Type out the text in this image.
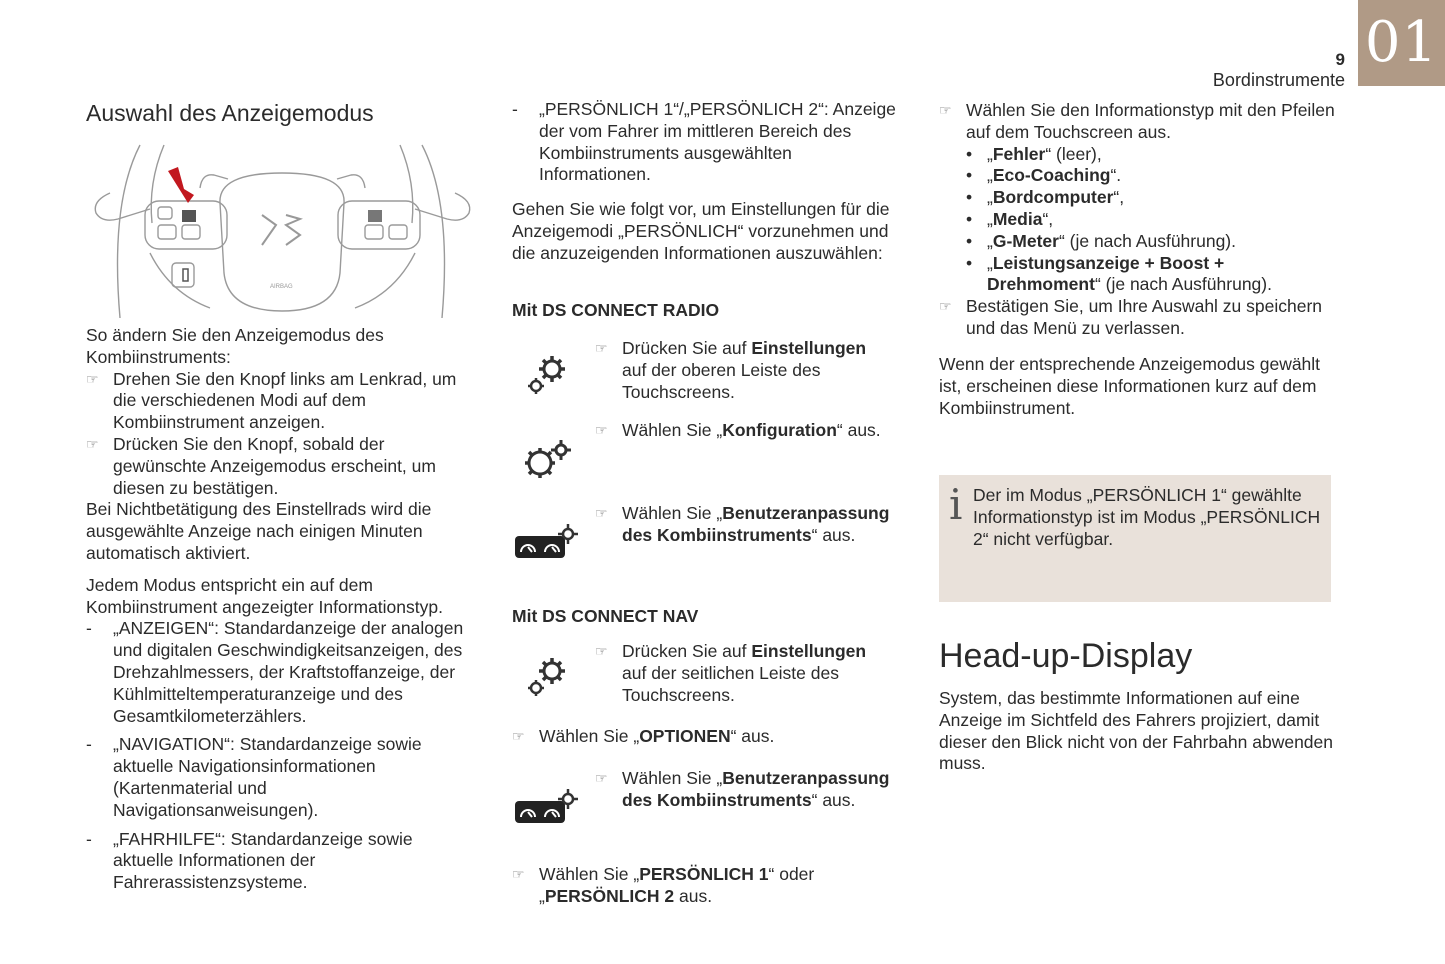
9
Bordinstrumente
01
Auswahl des Anzeigemodus
AIRBAG
So ändern Sie den Anzeigemodus des Kombiinstruments:
☞ Drehen Sie den Knopf links am Lenkrad, um die verschiedenen Modi auf dem Kombiinstrument anzeigen.
☞ Drücken Sie den Knopf, sobald der gewünschte Anzeigemodus erscheint, um diesen zu bestätigen.
Bei Nichtbetätigung des Einstellrads wird die ausgewählte Anzeige nach einigen Minuten automatisch aktiviert.
Jedem Modus entspricht ein auf dem Kombiinstrument angezeigter Informationstyp.
-	„ANZEIGEN“: Standardanzeige der analogen und digitalen Geschwindigkeitsanzeigen, des Drehzahlmessers, der Kraftstoffanzeige, der Kühlmitteltemperaturanzeige und des Gesamtkilometerzählers.
-	„NAVIGATION“: Standardanzeige sowie aktuelle Navigationsinformationen (Kartenmaterial und Navigationsanweisungen).
-	„FAHRHILFE“: Standardanzeige sowie aktuelle Informationen der Fahrerassistenzsysteme.
-	„PERSÖNLICH 1“/„PERSÖNLICH 2“: Anzeige der vom Fahrer im mittleren Bereich des Kombiinstruments ausgewählten Informationen.
Gehen Sie wie folgt vor, um Einstellungen für die Anzeigemodi „PERSÖNLICH“ vorzunehmen und die anzuzeigenden Informationen auszuwählen:
Mit DS CONNECT RADIO
☞ Drücken Sie auf Einstellungen
auf der oberen Leiste des Touchscreens.
☞ Wählen Sie „Konfiguration“ aus.
☞ Wählen Sie „Benutzeranpassung
des Kombiinstruments“ aus.
Mit DS CONNECT NAV
☞ Drücken Sie auf Einstellungen
auf der seitlichen Leiste des Touchscreens.
☞ Wählen Sie „OPTIONEN“ aus.
☞ Wählen Sie „Benutzeranpassung
des Kombiinstruments“ aus.
☞ Wählen Sie „PERSÖNLICH 1“ oder
„PERSÖNLICH 2 aus.
☞ Wählen Sie den Informationstyp mit den Pfeilen auf dem Touchscreen aus.
• „Fehler“ (leer),
• „Eco-Coaching“.
• „Bordcomputer“,
• „Media“,
• „G-Meter“ (je nach Ausführung).
• „Leistungsanzeige + Boost +
Drehmoment“ (je nach Ausführung).
☞ Bestätigen Sie, um Ihre Auswahl zu speichern und das Menü zu verlassen.
Wenn der entsprechende Anzeigemodus gewählt ist, erscheinen diese Informationen kurz auf dem Kombiinstrument.
i Der im Modus „PERSÖNLICH 1“ gewählte Informationstyp ist im Modus „PERSÖNLICH 2“ nicht verfügbar.
Head-up-Display
System, das bestimmte Informationen auf eine Anzeige im Sichtfeld des Fahrers projiziert, damit dieser den Blick nicht von der Fahrbahn abwenden muss.
